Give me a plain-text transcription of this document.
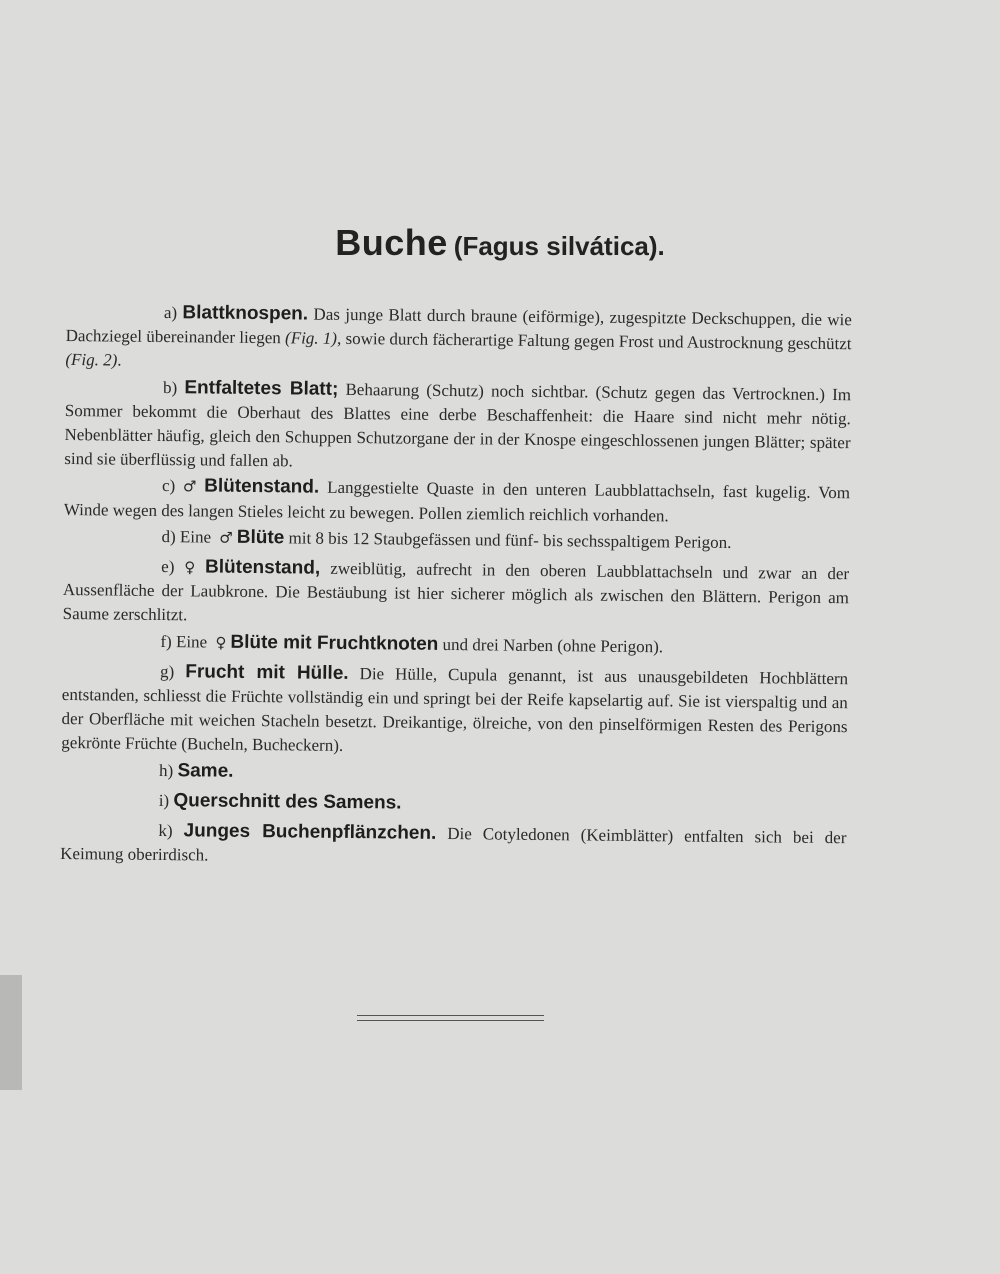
Buche (Fagus silvática).

a) Blattknospen. Das junge Blatt durch braune (eiförmige), zugespitzte Deckschuppen, die wie Dachziegel übereinander liegen (Fig. 1), sowie durch fächerartige Faltung gegen Frost und Austrocknung geschützt (Fig. 2).

b) Entfaltetes Blatt; Behaarung (Schutz) noch sichtbar. (Schutz gegen das Vertrocknen.) Im Sommer bekommt die Oberhaut des Blattes eine derbe Beschaffenheit: die Haare sind nicht mehr nötig. Nebenblätter häufig, gleich den Schuppen Schutzorgane der in der Knospe eingeschlossenen jungen Blätter; später sind sie überflüssig und fallen ab.

c) ♂ Blütenstand. Langgestielte Quaste in den unteren Laubblattachseln, fast kugelig. Vom Winde wegen des langen Stieles leicht zu bewegen. Pollen ziemlich reichlich vorhanden.

d) Eine ♂ Blüte mit 8 bis 12 Staubgefässen und fünf- bis sechsspaltigem Perigon.

e) ♀ Blütenstand, zweiblütig, aufrecht in den oberen Laubblattachseln und zwar an der Aussenfläche der Laubkrone. Die Bestäubung ist hier sicherer möglich als zwischen den Blättern. Perigon am Saume zerschlitzt.

f) Eine ♀ Blüte mit Fruchtknoten und drei Narben (ohne Perigon).

g) Frucht mit Hülle. Die Hülle, Cupula genannt, ist aus unausgebildeten Hochblättern entstanden, schliesst die Früchte vollständig ein und springt bei der Reife kapselartig auf. Sie ist vierspaltig und an der Oberfläche mit weichen Stacheln besetzt. Dreikantige, ölreiche, von den pinselförmigen Resten des Perigons gekrönte Früchte (Bucheln, Bucheckern).

h) Same.

i) Querschnitt des Samens.

k) Junges Buchenpflänzchen. Die Cotyledonen (Keimblätter) entfalten sich bei der Keimung oberirdisch.
